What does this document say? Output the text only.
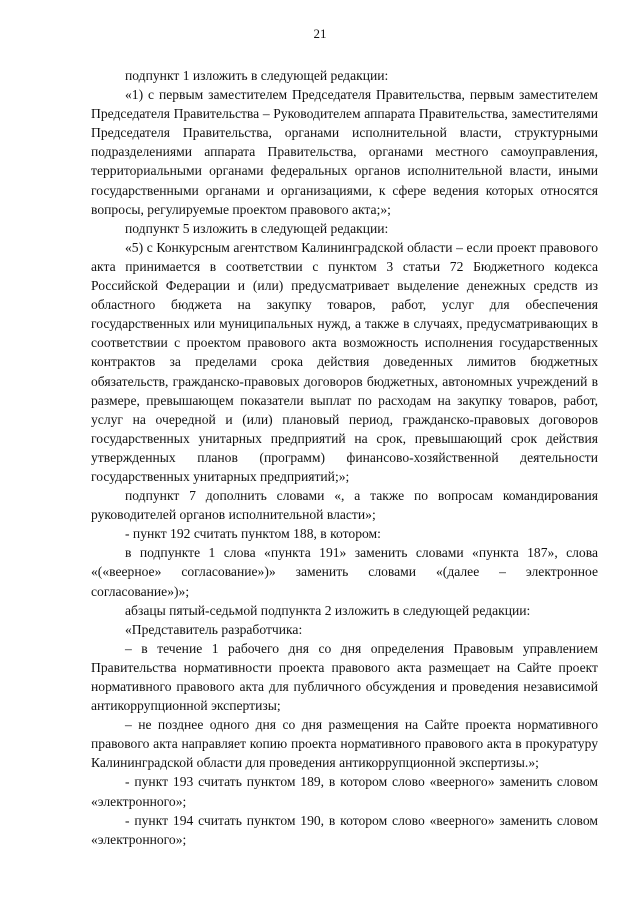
21

подпункт 1 изложить в следующей редакции:

«1) с первым заместителем Председателя Правительства, первым заместителем Председателя Правительства – Руководителем аппарата Правительства, заместителями Председателя Правительства, органами исполнительной власти, структурными подразделениями аппарата Правительства, органами местного самоуправления, территориальными органами федеральных органов исполнительной власти, иными государственными органами и организациями, к сфере ведения которых относятся вопросы, регулируемые проектом правового акта;»;

подпункт 5 изложить в следующей редакции:

«5) с Конкурсным агентством Калининградской области – если проект правового акта принимается в соответствии с пунктом 3 статьи 72 Бюджетного кодекса Российской Федерации и (или) предусматривает выделение денежных средств из областного бюджета на закупку товаров, работ, услуг для обеспечения государственных или муниципальных нужд, а также в случаях, предусматривающих в соответствии с проектом правового акта возможность исполнения государственных контрактов за пределами срока действия доведенных лимитов бюджетных обязательств, гражданско-правовых договоров бюджетных, автономных учреждений в размере, превышающем показатели выплат по расходам на закупку товаров, работ, услуг на очередной и (или) плановый период, гражданско-правовых договоров государственных унитарных предприятий на срок, превышающий срок действия утвержденных планов (программ) финансово-хозяйственной деятельности государственных унитарных предприятий;»;

подпункт 7 дополнить словами «, а также по вопросам командирования руководителей органов исполнительной власти»;

- пункт 192 считать пунктом 188, в котором:

в подпункте 1 слова «пункта 191» заменить словами «пункта 187», слова «(«веерное» согласование»)» заменить словами «(далее – электронное согласование»)»;

абзацы пятый-седьмой подпункта 2 изложить в следующей редакции:

«Представитель разработчика:

– в течение 1 рабочего дня со дня определения Правовым управлением Правительства нормативности проекта правового акта размещает на Сайте проект нормативного правового акта для публичного обсуждения и проведения независимой антикоррупционной экспертизы;

– не позднее одного дня со дня размещения на Сайте проекта нормативного правового акта направляет копию проекта нормативного правового акта в прокуратуру Калининградской области для проведения антикоррупционной экспертизы.»;

- пункт 193 считать пунктом 189, в котором слово «веерного» заменить словом «электронного»;

- пункт 194 считать пунктом 190, в котором слово «веерного» заменить словом «электронного»;
